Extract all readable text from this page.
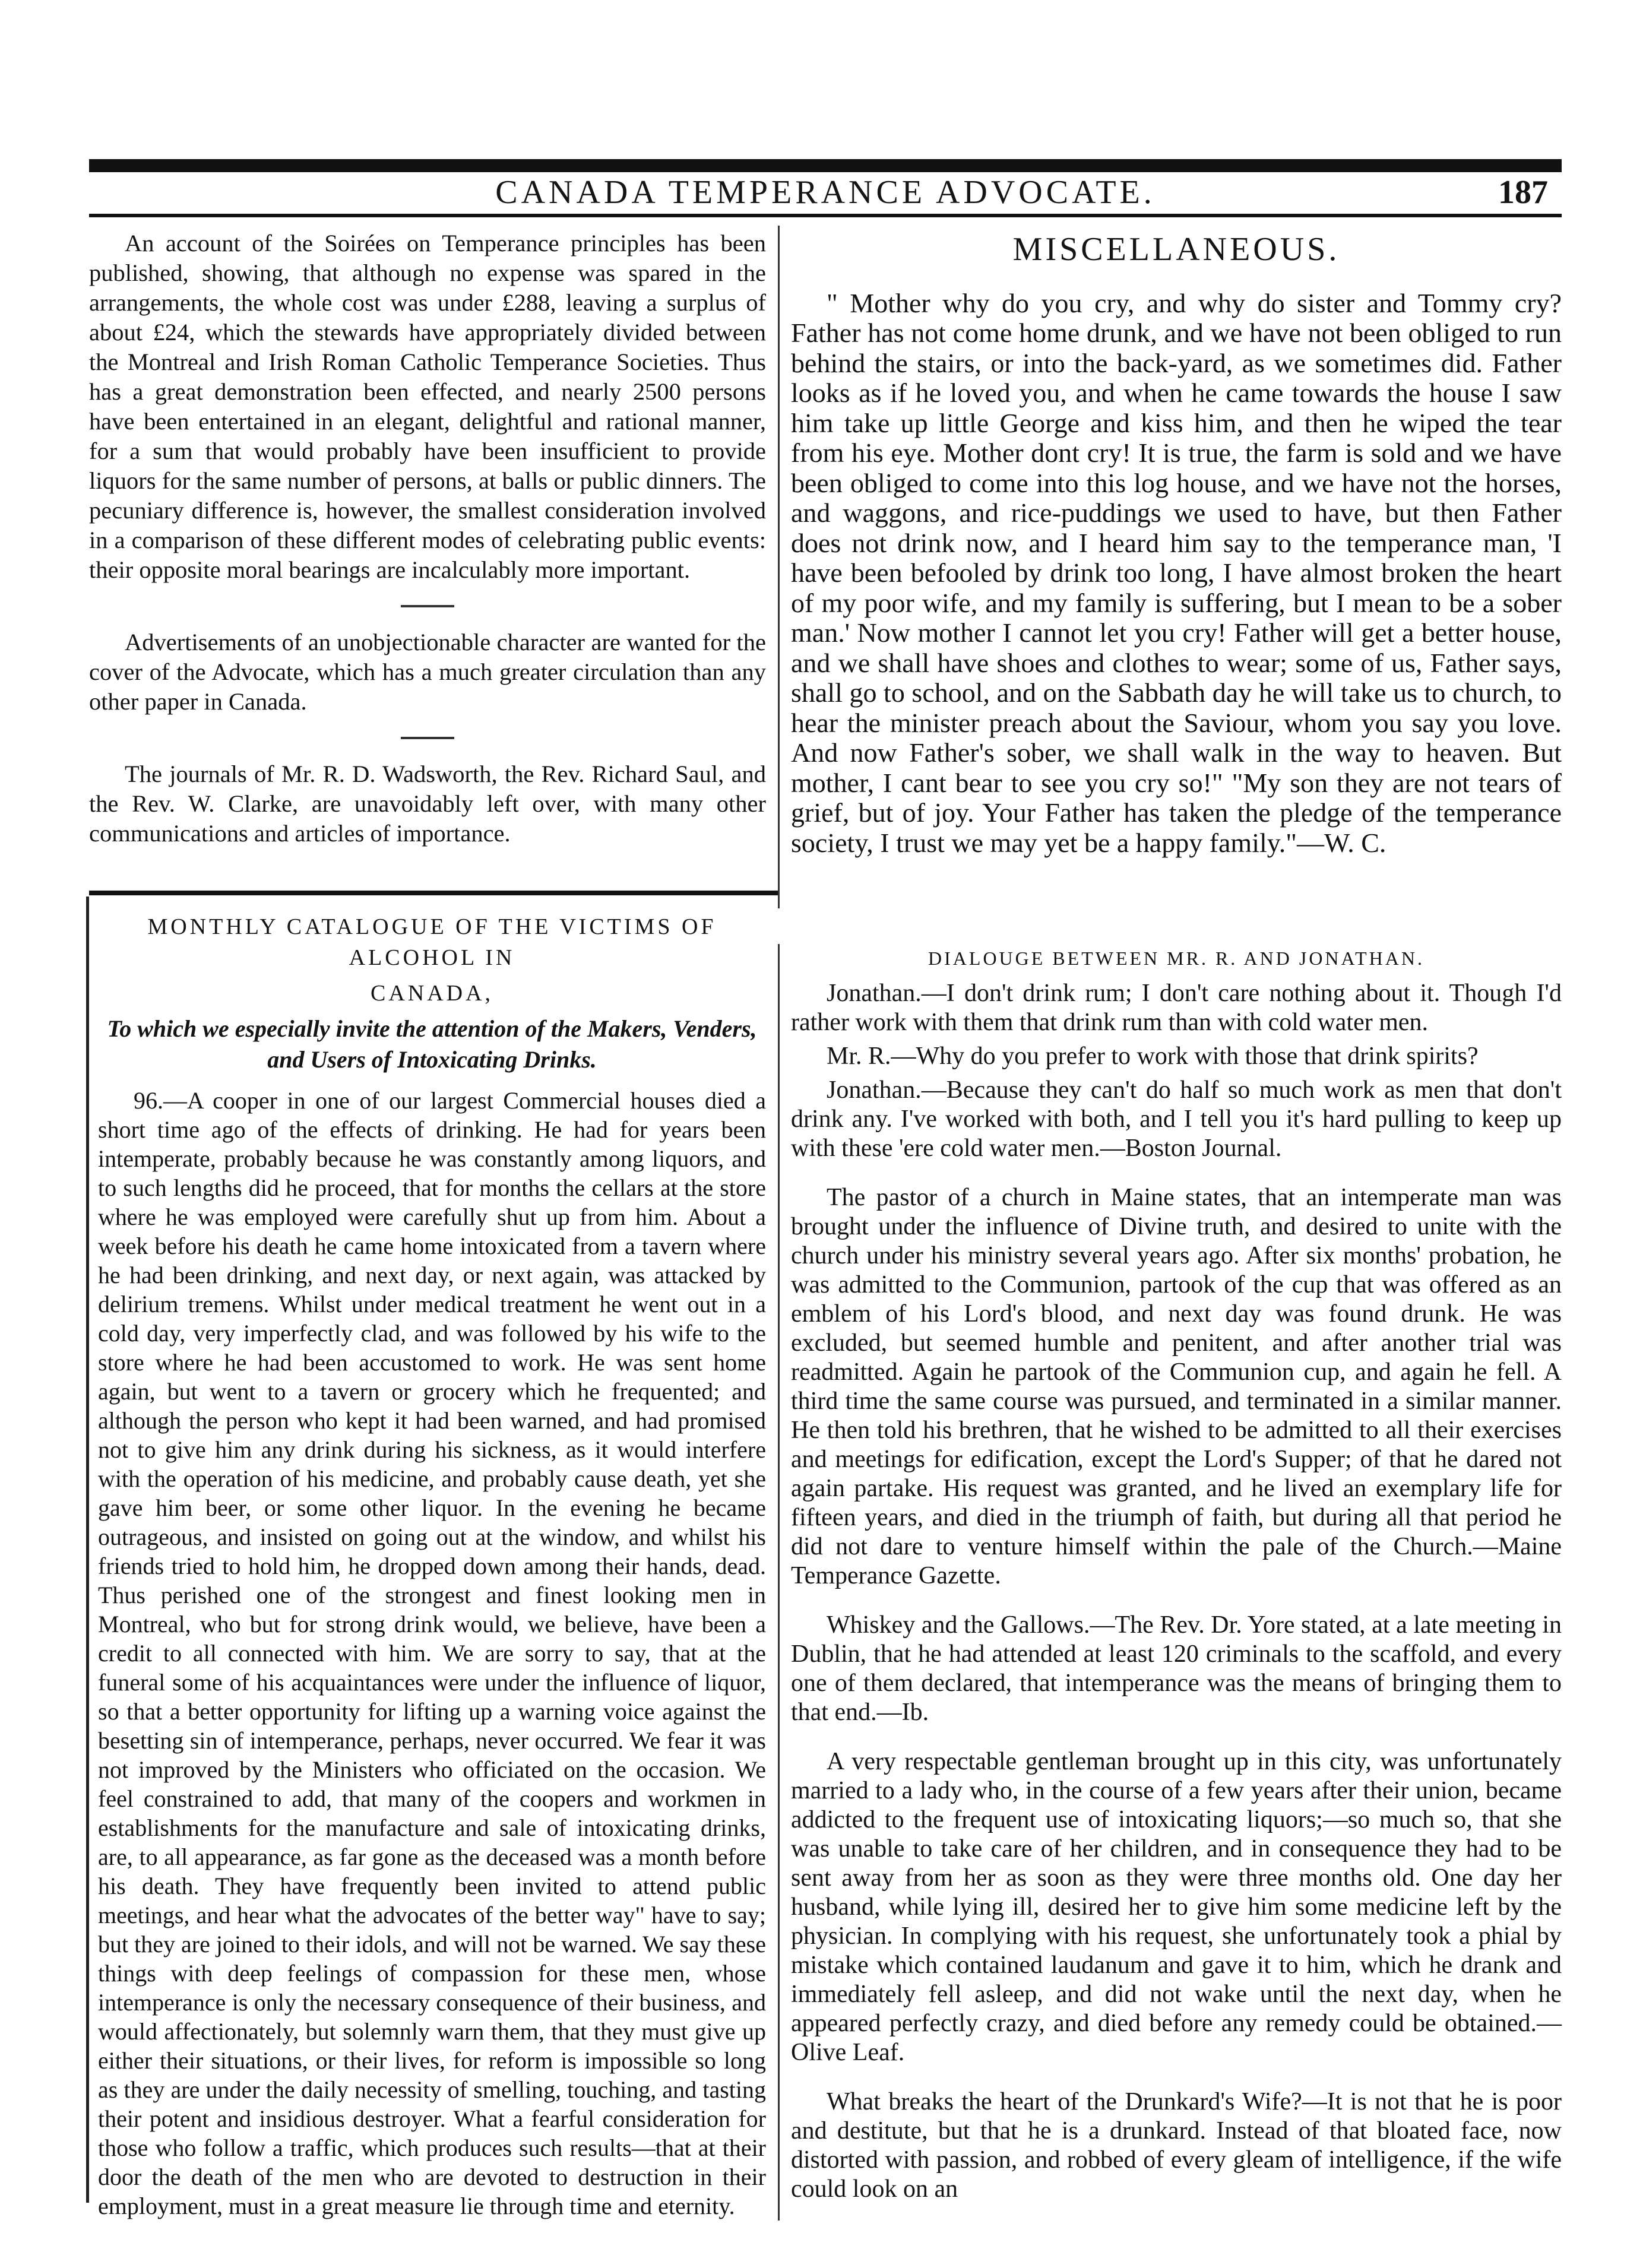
CANADA TEMPERANCE ADVOCATE.	187

An account of the Soirées on Temperance principles has been published, showing, that although no expense was spared in the arrangements, the whole cost was under £288, leaving a surplus of about £24, which the stewards have appropriately divided between the Montreal and Irish Roman Catholic Temperance Societies. Thus has a great demonstration been effected, and nearly 2500 persons have been entertained in an elegant, delightful and rational manner, for a sum that would probably have been insufficient to provide liquors for the same number of persons, at balls or public dinners. The pecuniary difference is, however, the smallest consideration involved in a comparison of these different modes of celebrating public events: their opposite moral bearings are incalculably more important.

Advertisements of an unobjectionable character are wanted for the cover of the Advocate, which has a much greater circulation than any other paper in Canada.

The journals of Mr. R. D. Wadsworth, the Rev. Richard Saul, and the Rev. W. Clarke, are unavoidably left over, with many other communications and articles of importance.

MONTHLY CATALOGUE OF THE VICTIMS OF ALCOHOL IN

CANADA,

To which we especially invite the attention of the Makers, Venders, and Users of Intoxicating Drinks.

96.—A cooper in one of our largest Commercial houses died a short time ago of the effects of drinking. He had for years been intemperate, probably because he was constantly among liquors, and to such lengths did he proceed, that for months the cellars at the store where he was employed were carefully shut up from him. About a week before his death he came home intoxicated from a tavern where he had been drinking, and next day, or next again, was attacked by delirium tremens. Whilst under medical treatment he went out in a cold day, very imperfectly clad, and was followed by his wife to the store where he had been accustomed to work. He was sent home again, but went to a tavern or grocery which he frequented; and although the person who kept it had been warned, and had promised not to give him any drink during his sickness, as it would interfere with the operation of his medicine, and probably cause death, yet she gave him beer, or some other liquor. In the evening he became outrageous, and insisted on going out at the window, and whilst his friends tried to hold him, he dropped down among their hands, dead. Thus perished one of the strongest and finest looking men in Montreal, who but for strong drink would, we believe, have been a credit to all connected with him. We are sorry to say, that at the funeral some of his acquaintances were under the influence of liquor, so that a better opportunity for lifting up a warning voice against the besetting sin of intemperance, perhaps, never occurred. We fear it was not improved by the Ministers who officiated on the occasion. We feel constrained to add, that many of the coopers and workmen in establishments for the manufacture and sale of intoxicating drinks, are, to all appearance, as far gone as the deceased was a month before his death. They have frequently been invited to attend public meetings, and hear what the advocates of the better way" have to say; but they are joined to their idols, and will not be warned. We say these things with deep feelings of compassion for these men, whose intemperance is only the necessary consequence of their business, and would affectionately, but solemnly warn them, that they must give up either their situations, or their lives, for reform is impossible so long as they are under the daily necessity of smelling, touching, and tasting their potent and insidious destroyer. What a fearful consideration for those who follow a traffic, which produces such results—that at their door the death of the men who are devoted to destruction in their employment, must in a great measure lie through time and eternity.

MISCELLANEOUS.

" Mother why do you cry, and why do sister and Tommy cry? Father has not come home drunk, and we have not been obliged to run behind the stairs, or into the back-yard, as we sometimes did. Father looks as if he loved you, and when he came towards the house I saw him take up little George and kiss him, and then he wiped the tear from his eye. Mother dont cry! It is true, the farm is sold and we have been obliged to come into this log house, and we have not the horses, and waggons, and rice-puddings we used to have, but then Father does not drink now, and I heard him say to the temperance man, 'I have been befooled by drink too long, I have almost broken the heart of my poor wife, and my family is suffering, but I mean to be a sober man.' Now mother I cannot let you cry! Father will get a better house, and we shall have shoes and clothes to wear; some of us, Father says, shall go to school, and on the Sabbath day he will take us to church, to hear the minister preach about the Saviour, whom you say you love. And now Father's sober, we shall walk in the way to heaven. But mother, I cant bear to see you cry so!" "My son they are not tears of grief, but of joy. Your Father has taken the pledge of the temperance society, I trust we may yet be a happy family."—W. C.

DIALOUGE BETWEEN MR. R. AND JONATHAN.

Jonathan.—I don't drink rum; I don't care nothing about it. Though I'd rather work with them that drink rum than with cold water men.

Mr. R.—Why do you prefer to work with those that drink spirits?

Jonathan.—Because they can't do half so much work as men that don't drink any. I've worked with both, and I tell you it's hard pulling to keep up with these 'ere cold water men.—Boston Journal.

The pastor of a church in Maine states, that an intemperate man was brought under the influence of Divine truth, and desired to unite with the church under his ministry several years ago. After six months' probation, he was admitted to the Communion, partook of the cup that was offered as an emblem of his Lord's blood, and next day was found drunk. He was excluded, but seemed humble and penitent, and after another trial was readmitted. Again he partook of the Communion cup, and again he fell. A third time the same course was pursued, and terminated in a similar manner. He then told his brethren, that he wished to be admitted to all their exercises and meetings for edification, except the Lord's Supper; of that he dared not again partake. His request was granted, and he lived an exemplary life for fifteen years, and died in the triumph of faith, but during all that period he did not dare to venture himself within the pale of the Church.—Maine Temperance Gazette.

Whiskey and the Gallows.—The Rev. Dr. Yore stated, at a late meeting in Dublin, that he had attended at least 120 criminals to the scaffold, and every one of them declared, that intemperance was the means of bringing them to that end.—Ib.

A very respectable gentleman brought up in this city, was unfortunately married to a lady who, in the course of a few years after their union, became addicted to the frequent use of intoxicating liquors;—so much so, that she was unable to take care of her children, and in consequence they had to be sent away from her as soon as they were three months old. One day her husband, while lying ill, desired her to give him some medicine left by the physician. In complying with his request, she unfortunately took a phial by mistake which contained laudanum and gave it to him, which he drank and immediately fell asleep, and did not wake until the next day, when he appeared perfectly crazy, and died before any remedy could be obtained.—Olive Leaf.

What breaks the heart of the Drunkard's Wife?—It is not that he is poor and destitute, but that he is a drunkard. Instead of that bloated face, now distorted with passion, and robbed of every gleam of intelligence, if the wife could look on an
